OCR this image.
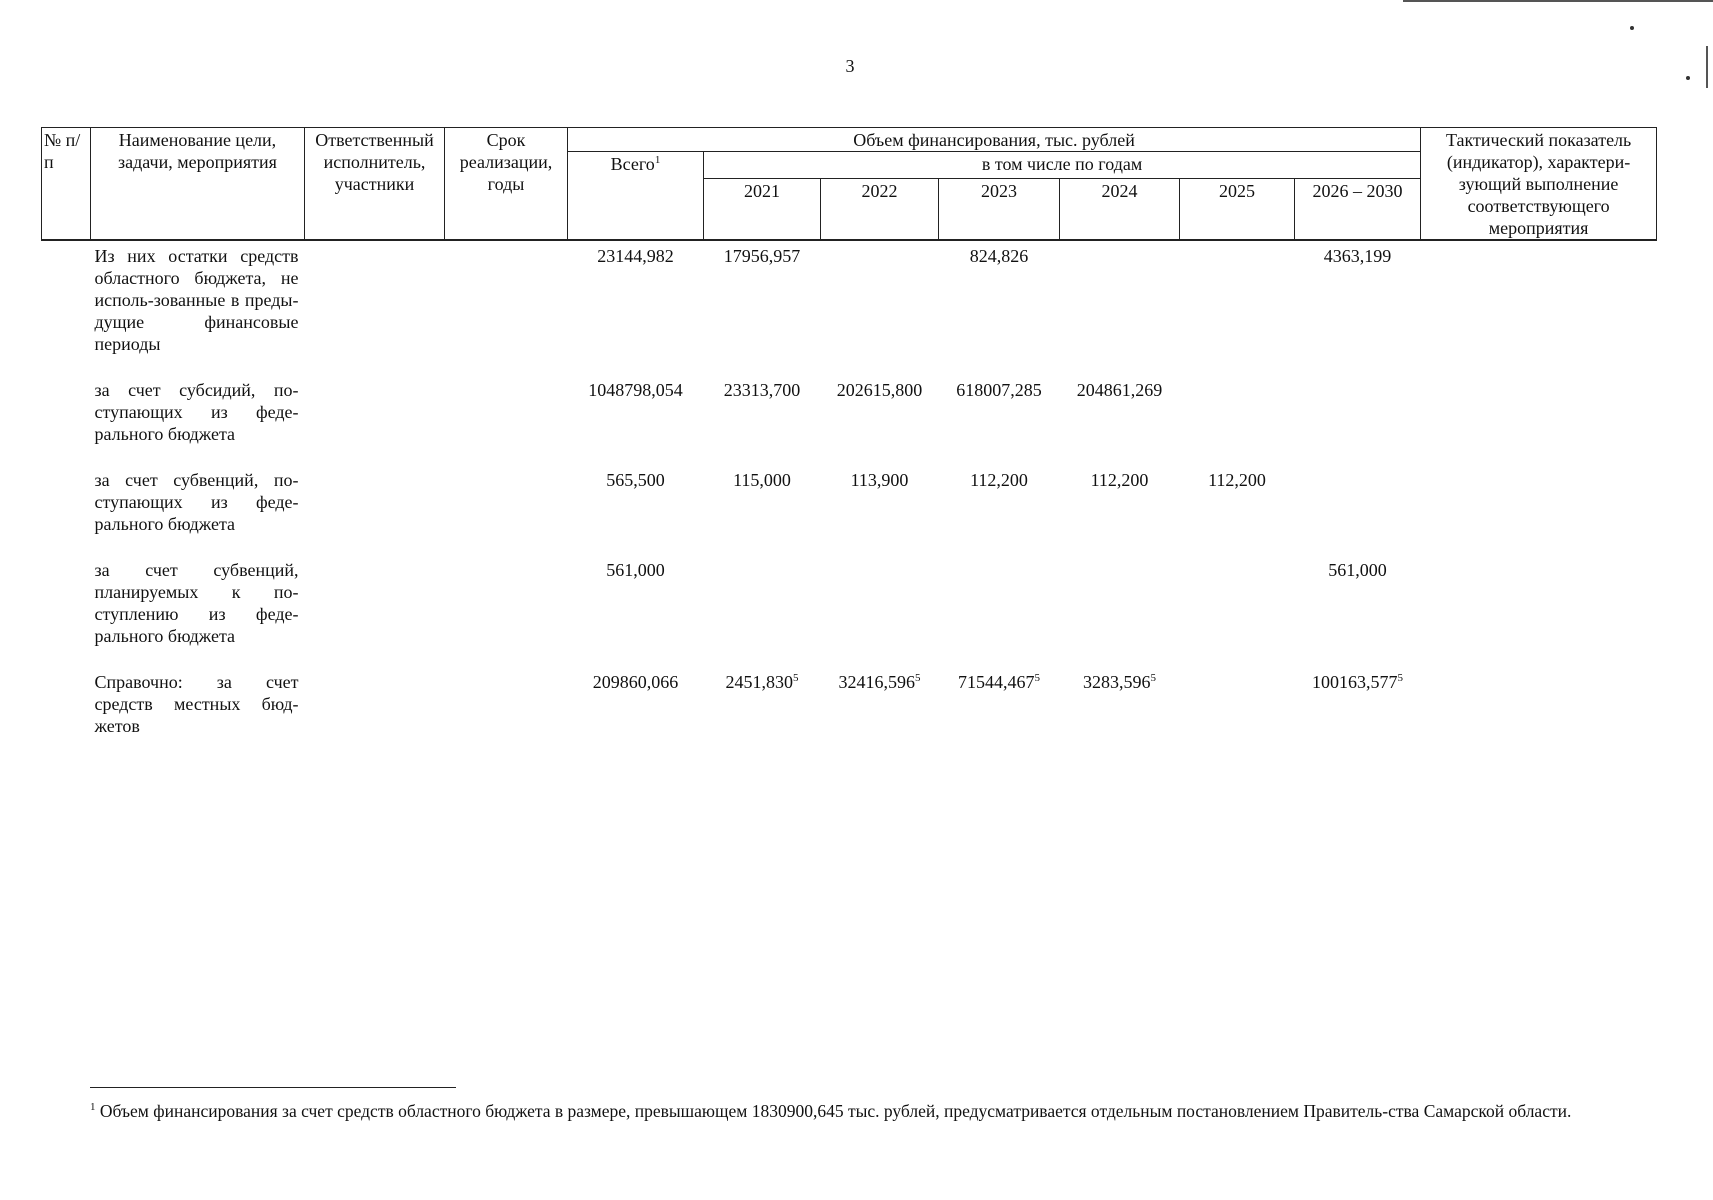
3
№ п/п	Наименование цели, задачи, мероприятия	Ответственный исполнитель, участники	Срок реализации, годы	Объем финансирования, тыс. рублей							Тактический показатель (индикатор), характери-зующий выполнение соответствующего мероприятия
				Всего$^1$	в том числе по годам						
					2021	2022	2023	2024	2025	2026 – 2030	
	Из них остатки средств областного бюджета, не исполь-зованные в преды-дущие финансовые периоды			23144,982	17956,957		824,826			4363,199	
	за счет субсидий, по-ступающих из феде-рального бюджета			1048798,054	23313,700	202615,800	618007,285	204861,269			
	за счет субвенций, по-ступающих из феде-рального бюджета			565,500	115,000	113,900	112,200	112,200	112,200		
	за счет субвенций, планируемых к по-ступлению из феде-рального бюджета			561,000						561,000	
	Справочно: за счет средств местных бюд-жетов			209860,066	2451,830$^5$	32416,596$^5$	71544,467$^5$	3283,596$^5$		100163,577$^5$	
$^1$ Объем финансирования за счет средств областного бюджета в размере, превышающем 1830900,645 тыс. рублей, предусматривается отдельным постановлением Правитель-ства Самарской области.
